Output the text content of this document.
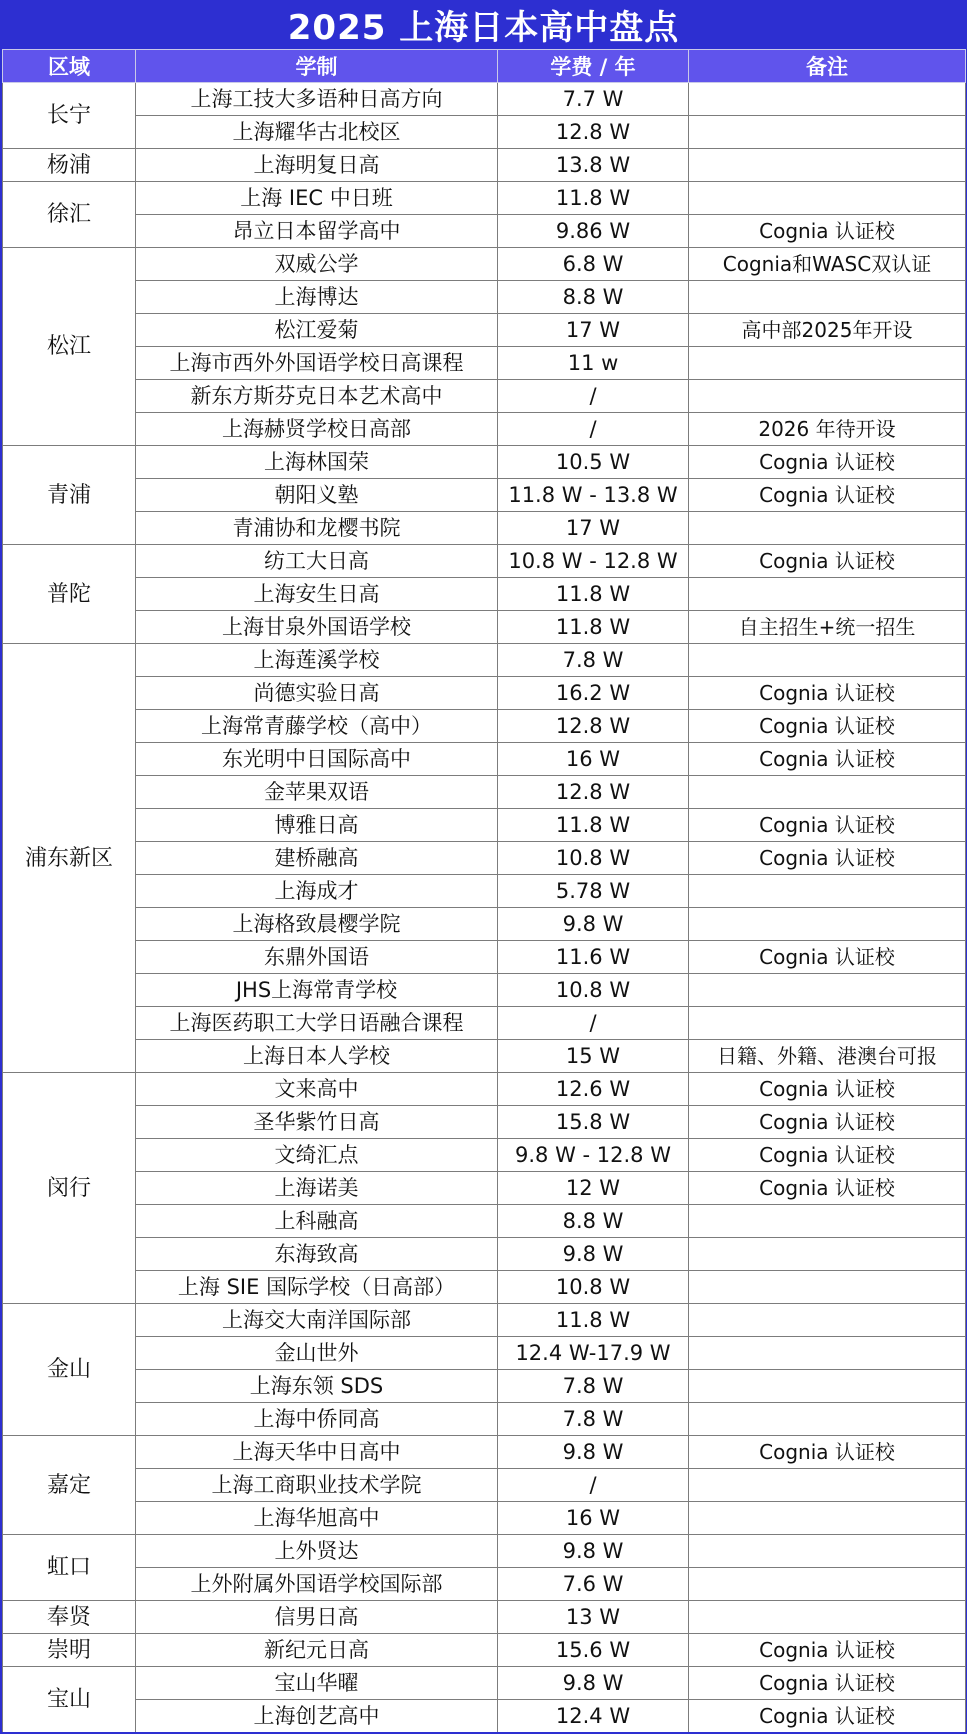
2025 上海日本高中盘点
区域	学制	学费 / 年	备注
长宁	上海工技大多语种日高方向	7.7 W	
	上海耀华古北校区	12.8 W	
杨浦	上海明复日高	13.8 W	
徐汇	上海 IEC 中日班	11.8 W	
	昂立日本留学高中	9.86 W	Cognia 认证校
松江	双威公学	6.8 W	Cognia和WASC双认证
	上海博达	8.8 W	
	松江爱菊	17 W	高中部2025年开设
	上海市西外外国语学校日高课程	11 w	
	新东方斯芬克日本艺术高中	/	
	上海赫贤学校日高部	/	2026 年待开设
青浦	上海林国荣	10.5 W	Cognia 认证校
	朝阳义塾	11.8 W - 13.8 W	Cognia 认证校
	青浦协和龙樱书院	17 W	
普陀	纺工大日高	10.8 W - 12.8 W	Cognia 认证校
	上海安生日高	11.8 W	
	上海甘泉外国语学校	11.8 W	自主招生+统一招生
浦东新区	上海莲溪学校	7.8 W	
	尚德实验日高	16.2 W	Cognia 认证校
	上海常青藤学校（高中）	12.8 W	Cognia 认证校
	东光明中日国际高中	16 W	Cognia 认证校
	金苹果双语	12.8 W	
	博雅日高	11.8 W	Cognia 认证校
	建桥融高	10.8 W	Cognia 认证校
	上海成才	5.78 W	
	上海格致晨樱学院	9.8 W	
	东鼎外国语	11.6 W	Cognia 认证校
	JHS上海常青学校	10.8 W	
	上海医药职工大学日语融合课程	/	
	上海日本人学校	15 W	日籍、外籍、港澳台可报
闵行	文来高中	12.6 W	Cognia 认证校
	圣华紫竹日高	15.8 W	Cognia 认证校
	文绮汇点	9.8 W - 12.8 W	Cognia 认证校
	上海诺美	12 W	Cognia 认证校
	上科融高	8.8 W	
	东海致高	9.8 W	
	上海 SIE 国际学校（日高部）	10.8 W	
金山	上海交大南洋国际部	11.8 W	
	金山世外	12.4 W-17.9 W	
	上海东领 SDS	7.8 W	
	上海中侨同高	7.8 W	
嘉定	上海天华中日高中	9.8 W	Cognia 认证校
	上海工商职业技术学院	/	
	上海华旭高中	16 W	
虹口	上外贤达	9.8 W	
	上外附属外国语学校国际部	7.6 W	
奉贤	信男日高	13 W	
崇明	新纪元日高	15.6 W	Cognia 认证校
宝山	宝山华曜	9.8 W	Cognia 认证校
	上海创艺高中	12.4 W	Cognia 认证校
